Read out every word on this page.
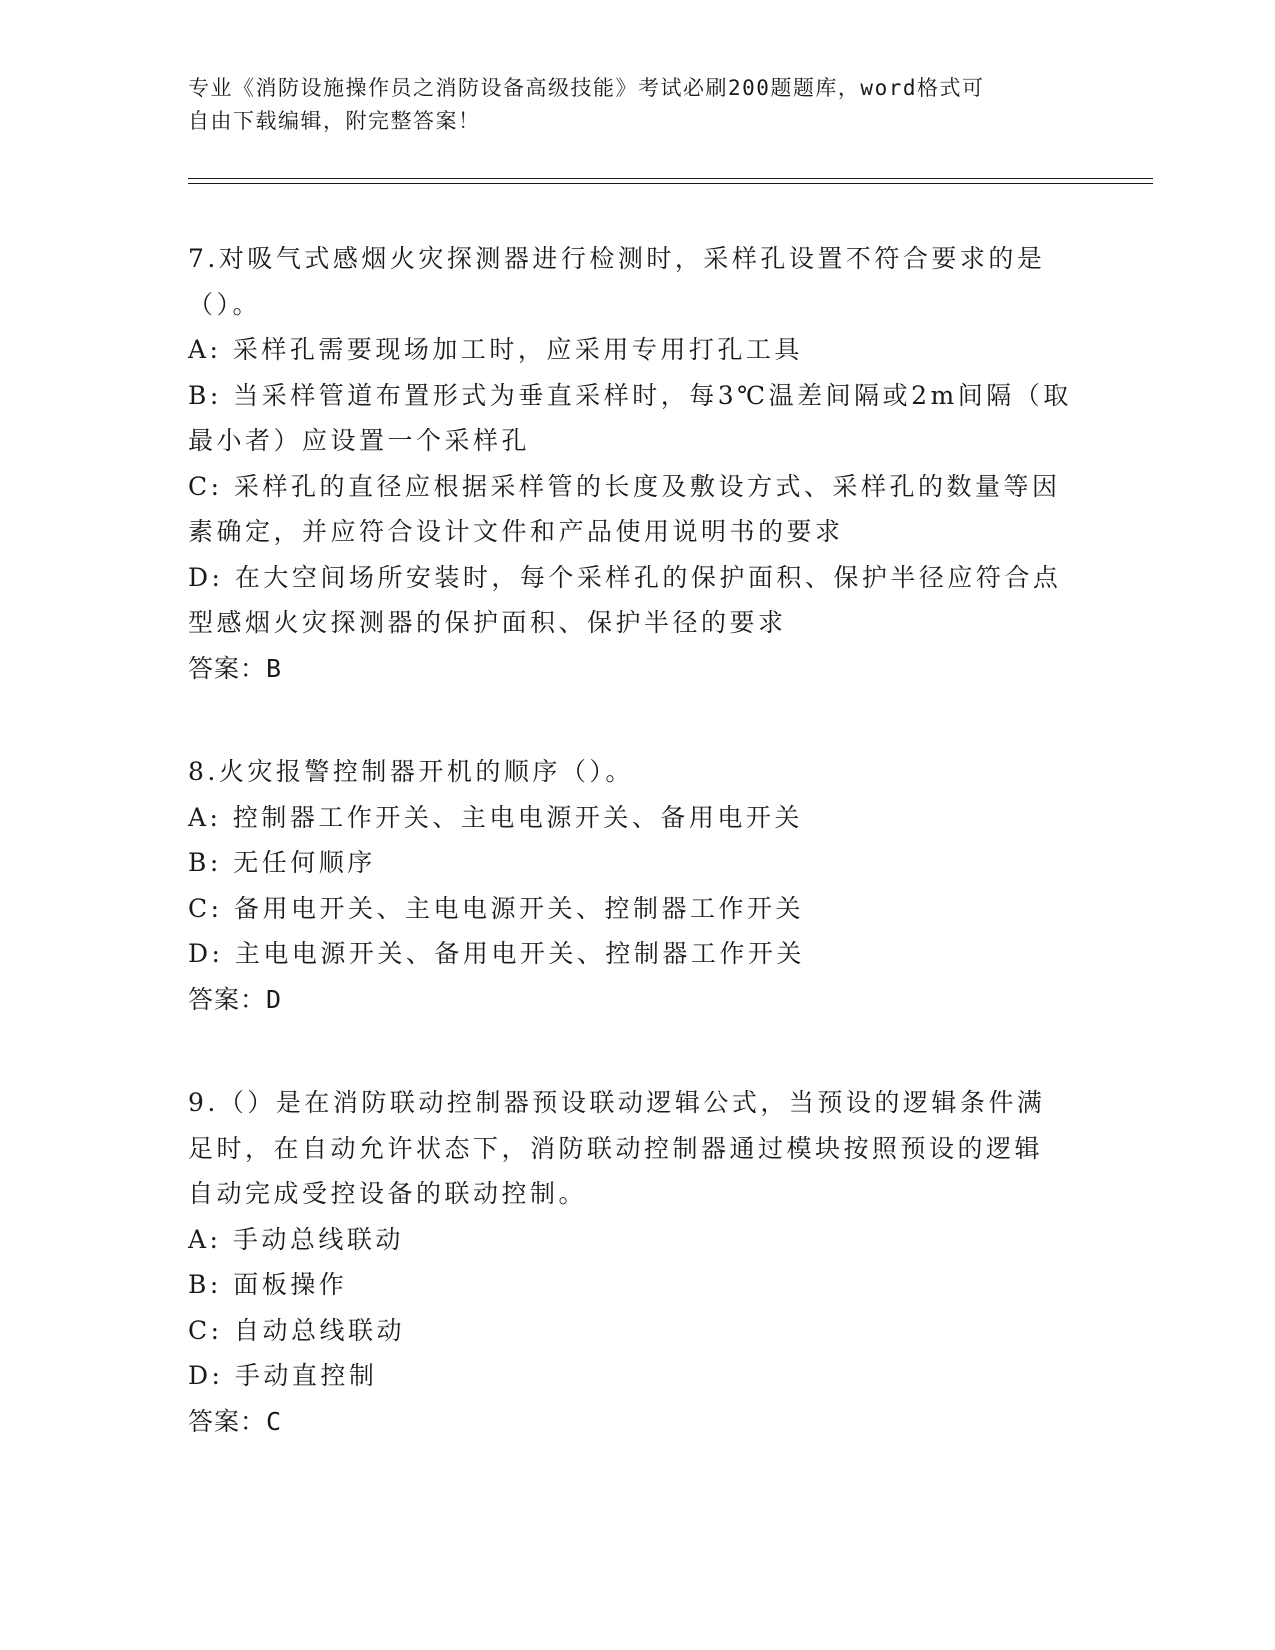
专业《消防设施操作员之消防设备高级技能》考试必刷200题题库，word格式可

自由下载编辑，附完整答案！

7.对吸气式感烟火灾探测器进行检测时，采样孔设置不符合要求的是

（）。

A: 采样孔需要现场加工时，应采用专用打孔工具

B: 当采样管道布置形式为垂直采样时，每3℃温差间隔或2m间隔（取

最小者）应设置一个采样孔

C: 采样孔的直径应根据采样管的长度及敷设方式、采样孔的数量等因

素确定，并应符合设计文件和产品使用说明书的要求

D: 在大空间场所安装时，每个采样孔的保护面积、保护半径应符合点

型感烟火灾探测器的保护面积、保护半径的要求

答案：B

8.火灾报警控制器开机的顺序（）。

A: 控制器工作开关、主电电源开关、备用电开关

B: 无任何顺序

C: 备用电开关、主电电源开关、控制器工作开关

D: 主电电源开关、备用电开关、控制器工作开关

答案：D

9.（）是在消防联动控制器预设联动逻辑公式，当预设的逻辑条件满

足时，在自动允许状态下，消防联动控制器通过模块按照预设的逻辑

自动完成受控设备的联动控制。

A: 手动总线联动

B: 面板操作

C: 自动总线联动

D: 手动直控制

答案：C
